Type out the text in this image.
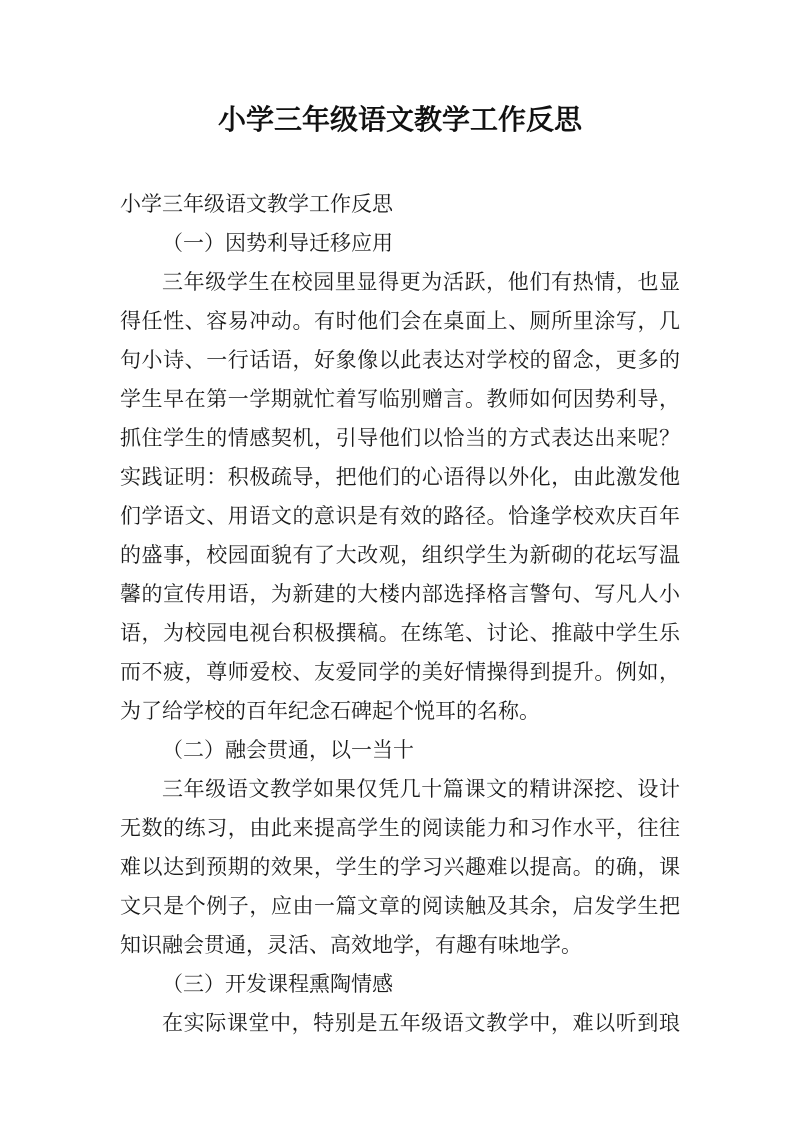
小学三年级语文教学工作反思
小学三年级语文教学工作反思
（一）因势利导迁移应用
三年级学生在校园里显得更为活跃，他们有热情，也显
得任性、容易冲动。有时他们会在桌面上、厕所里涂写，几
句小诗、一行话语，好象像以此表达对学校的留念，更多的
学生早在第一学期就忙着写临别赠言。教师如何因势利导，
抓住学生的情感契机，引导他们以恰当的方式表达出来呢？
实践证明：积极疏导，把他们的心语得以外化，由此激发他
们学语文、用语文的意识是有效的路径。恰逢学校欢庆百年
的盛事，校园面貌有了大改观，组织学生为新砌的花坛写温
馨的宣传用语，为新建的大楼内部选择格言警句、写凡人小
语，为校园电视台积极撰稿。在练笔、讨论、推敲中学生乐
而不疲，尊师爱校、友爱同学的美好情操得到提升。例如，
为了给学校的百年纪念石碑起个悦耳的名称。
（二）融会贯通，以一当十
三年级语文教学如果仅凭几十篇课文的精讲深挖、设计
无数的练习，由此来提高学生的阅读能力和习作水平，往往
难以达到预期的效果，学生的学习兴趣难以提高。的确，课
文只是个例子，应由一篇文章的阅读触及其余，启发学生把
知识融会贯通，灵活、高效地学，有趣有味地学。
（三）开发课程熏陶情感
在实际课堂中，特别是五年级语文教学中，难以听到琅
